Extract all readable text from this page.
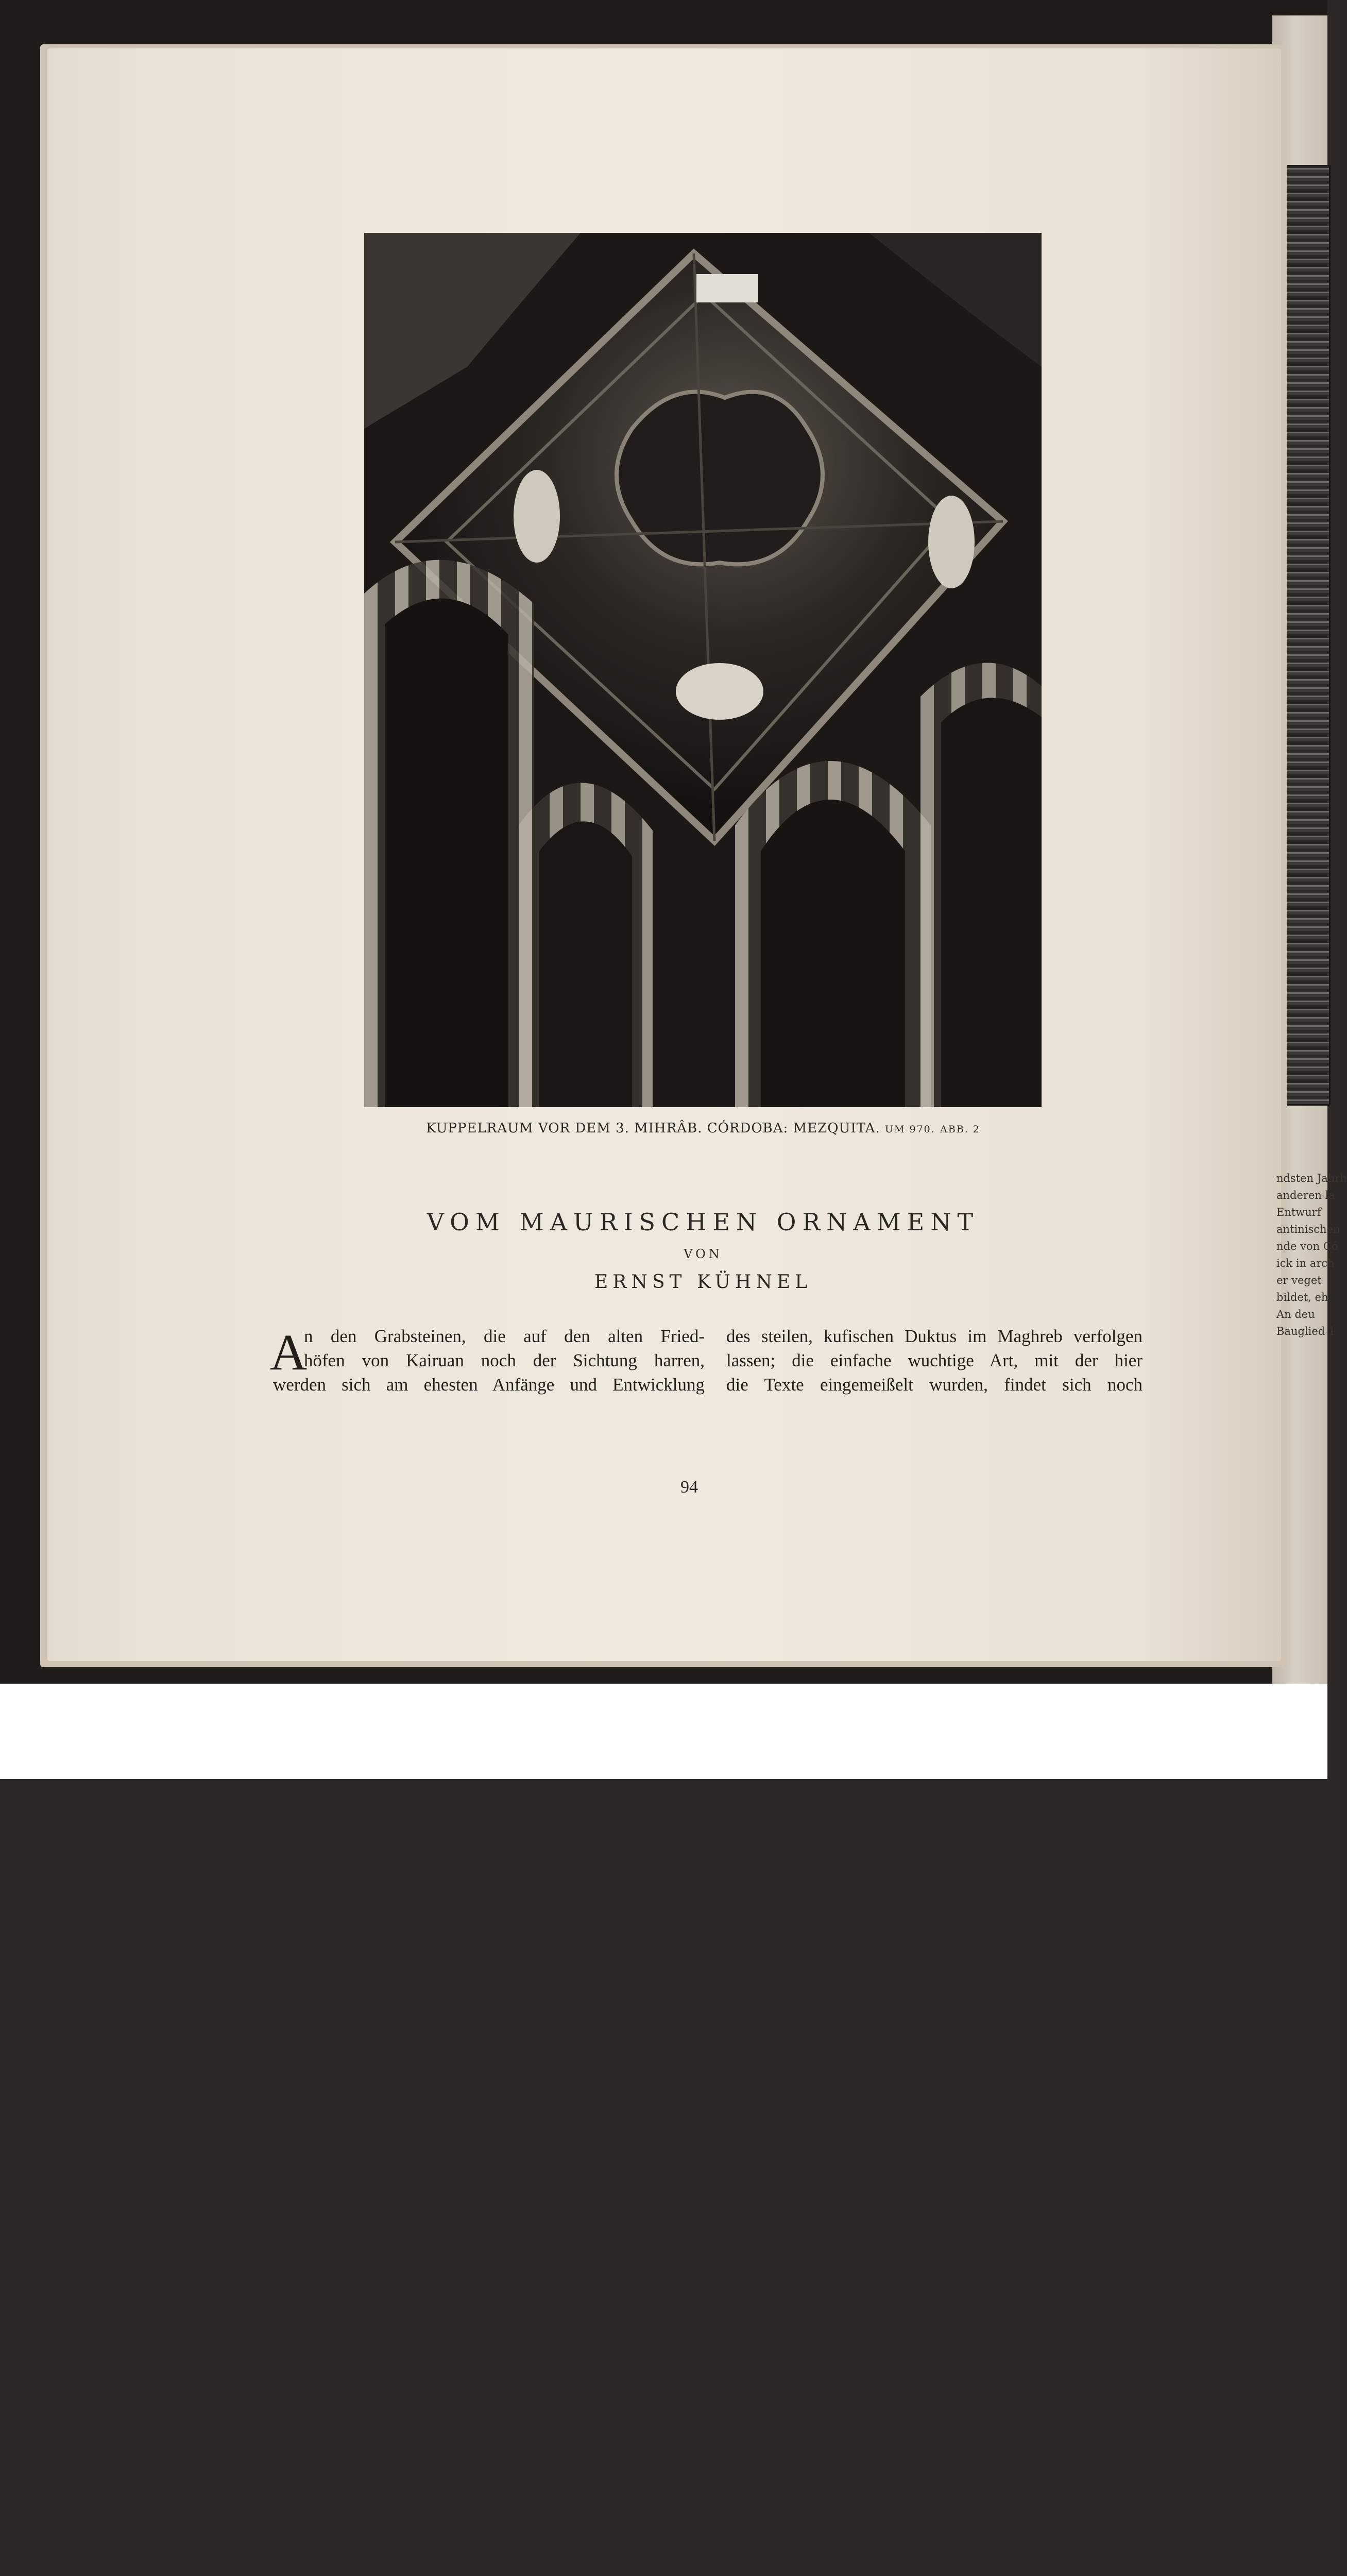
ndsten Jahrh
anderen la
Entwurf
antinischen
nde von Có
ick in arch
er veget
bildet, eh
An deu
Bauglied 1
KUPPELRAUM VOR DEM 3. MIHRÂB. CÓRDOBA: MEZQUITA. UM 970. ABB. 2
VOM MAURISCHEN ORNAMENT
VON
ERNST KÜHNEL
A
n den Grabsteinen, die auf den alten Fried-
höfen von Kairuan noch der Sichtung harren,
werden sich am ehesten Anfänge und Entwicklung
des steilen, kufischen Duktus im Maghreb verfolgen
lassen; die einfache wuchtige Art, mit der hier
die Texte eingemeißelt wurden, findet sich noch
94
